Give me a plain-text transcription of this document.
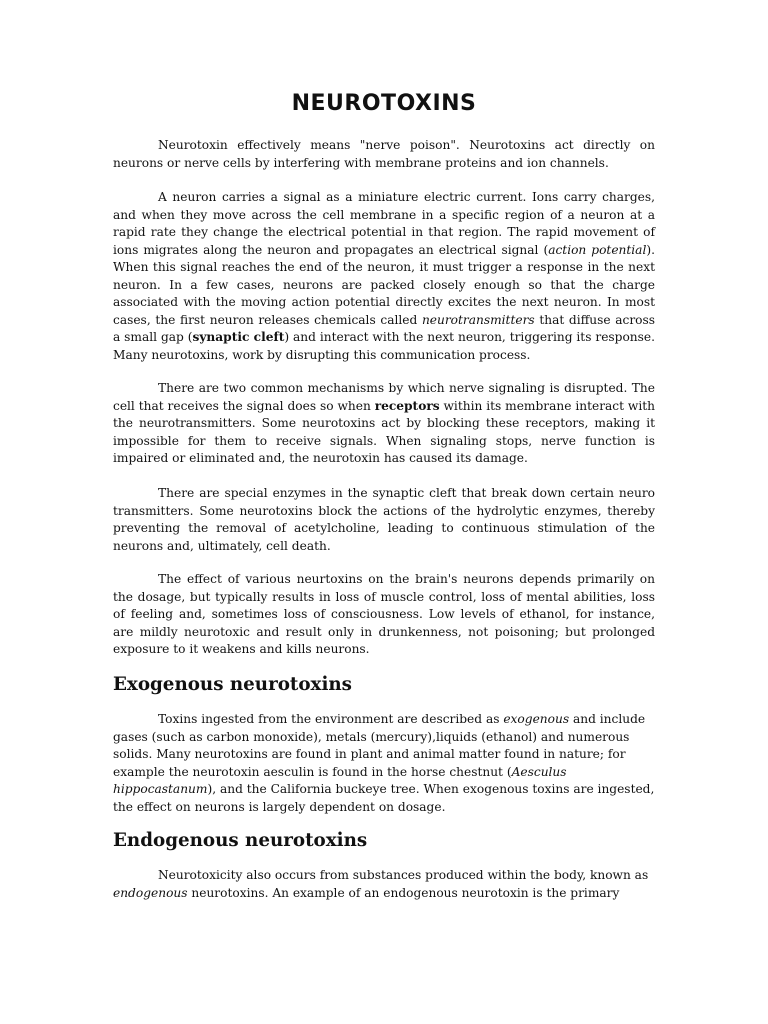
NEUROTOXINS

Neurotoxin effectively means "nerve poison". Neurotoxins act directly on neurons or nerve cells by interfering with membrane proteins and ion channels.

A neuron carries a signal as a miniature electric current. Ions carry charges, and when they move across the cell membrane in a specific region of a neuron at a rapid rate they change the electrical potential in that region. The rapid movement of ions migrates along the neuron and propagates an electrical signal (action potential). When this signal reaches the end of the neuron, it must trigger a response in the next neuron. In a few cases, neurons are packed closely enough so that the charge associated with the moving action potential directly excites the next neuron. In most cases, the first neuron releases chemicals called neurotransmitters that diffuse across a small gap (synaptic cleft) and interact with the next neuron, triggering its response. Many neurotoxins, work by disrupting this communication process.

There are two common mechanisms by which nerve signaling is disrupted. The cell that receives the signal does so when receptors within its membrane interact with the neurotransmitters. Some neurotoxins act by blocking these receptors, making it impossible for them to receive signals. When signaling stops, nerve function is impaired or eliminated and, the neurotoxin has caused its damage.

There are special enzymes in the synaptic cleft that break down certain neuro transmitters. Some neurotoxins block the actions of the hydrolytic enzymes, thereby preventing the removal of acetylcholine, leading to continuous stimulation of the neurons and, ultimately, cell death.

The effect of various neurtoxins on the brain's neurons depends primarily on the dosage, but typically results in loss of muscle control, loss of mental abilities, loss of feeling and, sometimes loss of consciousness. Low levels of ethanol, for instance, are mildly neurotoxic and result only in drunkenness, not poisoning; but prolonged exposure to it weakens and kills neurons.

Exogenous neurotoxins

Toxins ingested from the environment are described as exogenous and include gases (such as carbon monoxide), metals (mercury),liquids (ethanol) and numerous solids. Many neurotoxins are found in plant and animal matter found in nature; for example the neurotoxin aesculin is found in the horse chestnut (Aesculus hippocastanum), and the California buckeye tree. When exogenous toxins are ingested, the effect on neurons is largely dependent on dosage.

Endogenous neurotoxins

Neurotoxicity also occurs from substances produced within the body, known as endogenous neurotoxins. An example of an endogenous neurotoxin is the primary
